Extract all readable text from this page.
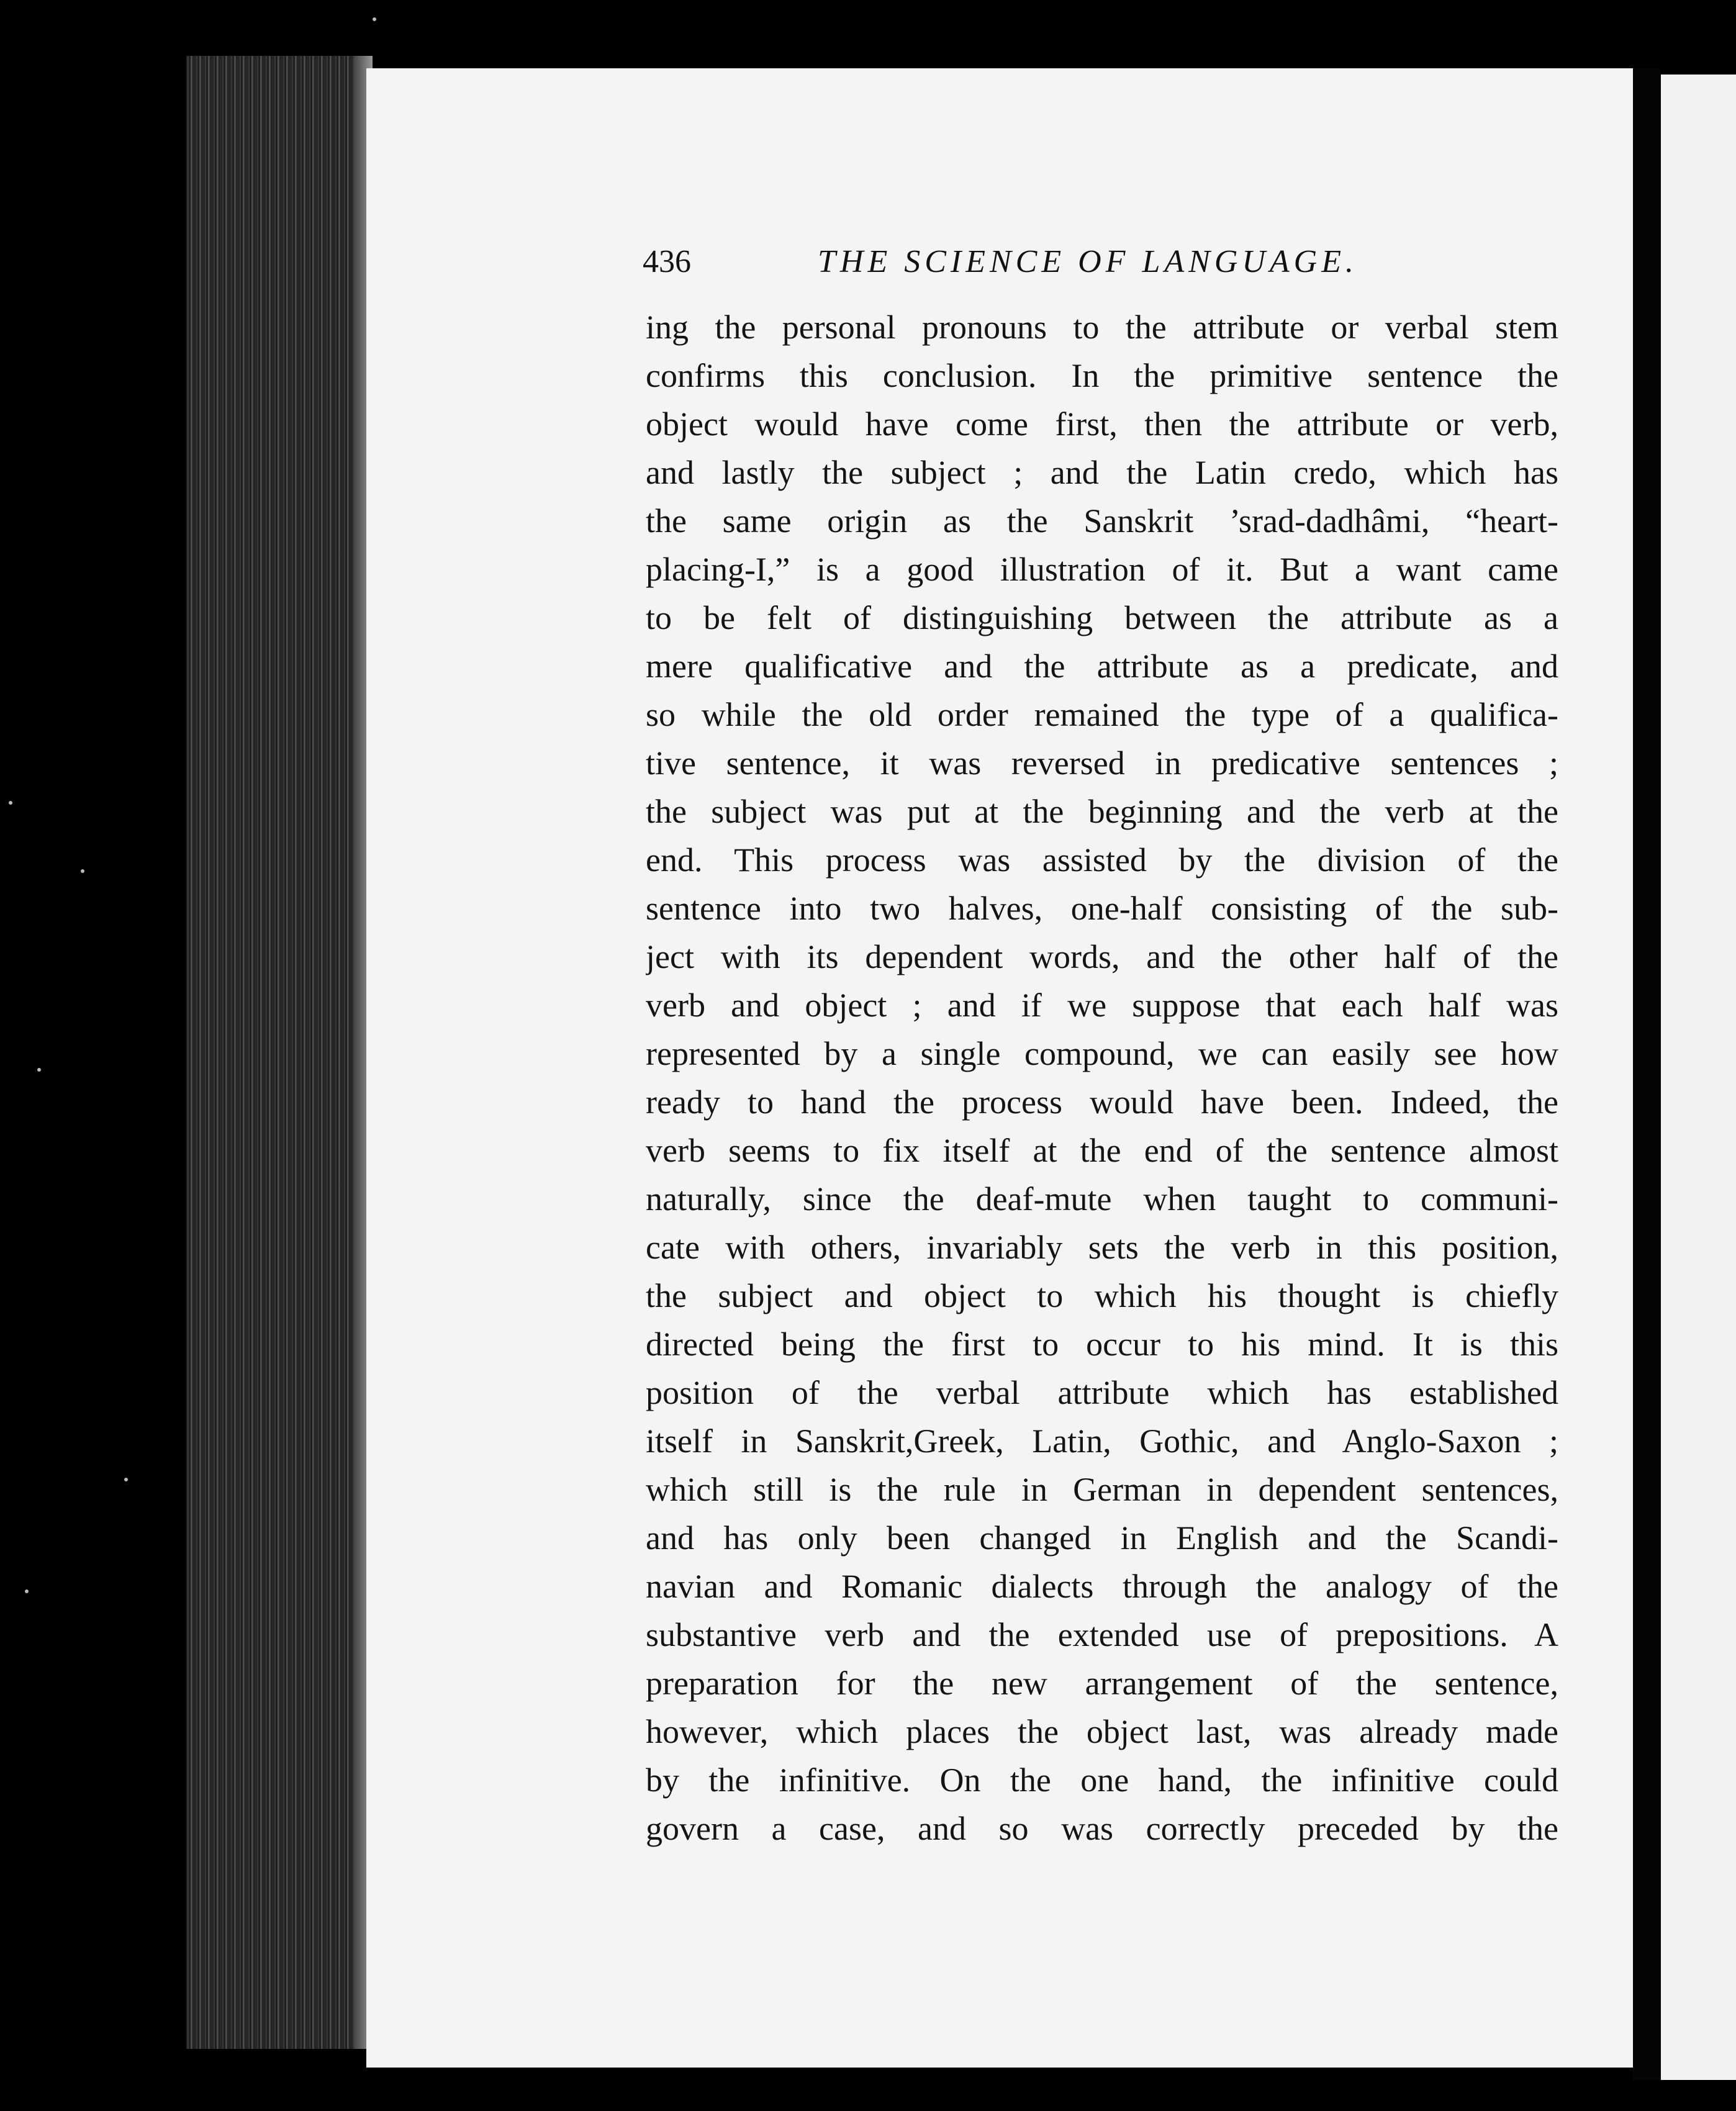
436	THE SCIENCE OF LANGUAGE.
ing the personal pronouns to the attribute or verbal stem
confirms this conclusion. In the primitive sentence the
object would have come first, then the attribute or verb,
and lastly the subject ; and the Latin credo, which has
the same origin as the Sanskrit ’srad-dadhâmi, “heart-
placing-I,” is a good illustration of it. But a want came
to be felt of distinguishing between the attribute as a
mere qualificative and the attribute as a predicate, and
so while the old order remained the type of a qualifica-
tive sentence, it was reversed in predicative sentences ;
the subject was put at the beginning and the verb at the
end. This process was assisted by the division of the
sentence into two halves, one-half consisting of the sub-
ject with its dependent words, and the other half of the
verb and object ; and if we suppose that each half was
represented by a single compound, we can easily see how
ready to hand the process would have been. Indeed, the
verb seems to fix itself at the end of the sentence almost
naturally, since the deaf-mute when taught to communi-
cate with others, invariably sets the verb in this position,
the subject and object to which his thought is chiefly
directed being the first to occur to his mind. It is this
position of the verbal attribute which has established
itself in Sanskrit,Greek, Latin, Gothic, and Anglo-Saxon ;
which still is the rule in German in dependent sentences,
and has only been changed in English and the Scandi-
navian and Romanic dialects through the analogy of the
substantive verb and the extended use of prepositions. A
preparation for the new arrangement of the sentence,
however, which places the object last, was already made
by the infinitive. On the one hand, the infinitive could
govern a case, and so was correctly preceded by the
